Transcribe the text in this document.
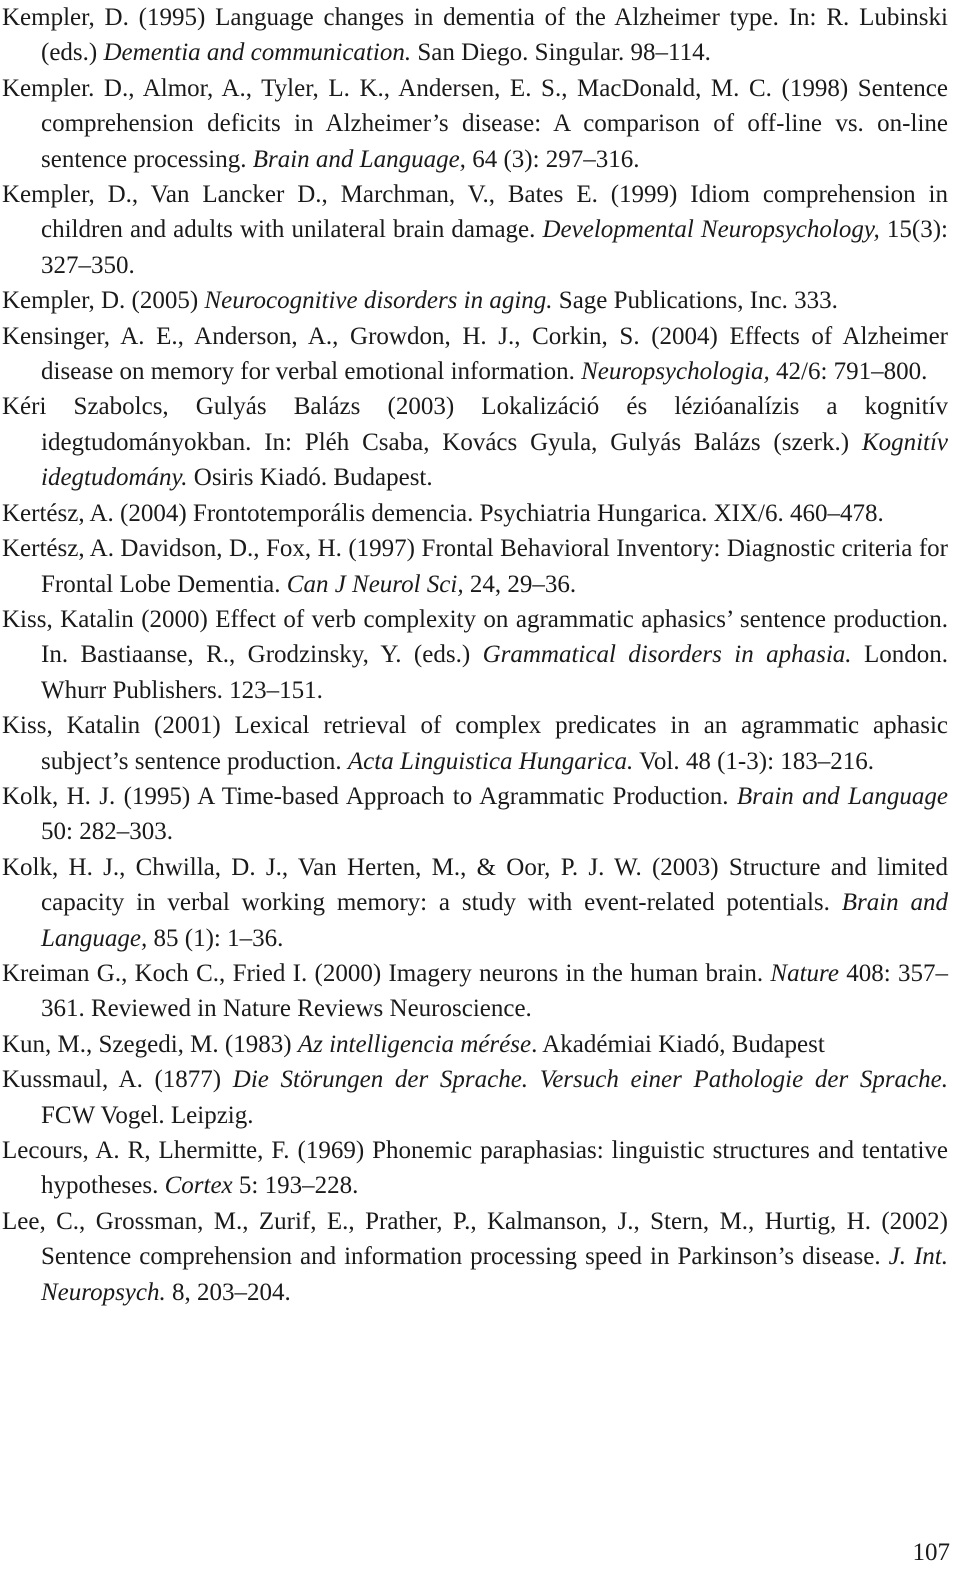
Kempler, D. (1995) Language changes in dementia of the Alzheimer type. In: R. Lubinski (eds.) Dementia and communication. San Diego. Singular. 98–114.

Kempler. D., Almor, A., Tyler, L. K., Andersen, E. S., MacDonald, M. C. (1998) Sentence comprehension deficits in Alzheimer’s disease: A comparison of off-line vs. on-line sentence processing. Brain and Language, 64 (3): 297–316.

Kempler, D., Van Lancker D., Marchman, V., Bates E. (1999) Idiom comprehension in children and adults with unilateral brain damage. Developmental Neuropsychology, 15(3): 327–350.

Kempler, D. (2005) Neurocognitive disorders in aging. Sage Publications, Inc. 333.

Kensinger, A. E., Anderson, A., Growdon, H. J., Corkin, S. (2004) Effects of Alzheimer disease on memory for verbal emotional information. Neuropsychologia, 42/6: 791–800.

Kéri Szabolcs, Gulyás Balázs (2003) Lokalizáció és lézióanalízis a kognitív idegtudományokban. In: Pléh Csaba, Kovács Gyula, Gulyás Balázs (szerk.) Kognitív idegtudomány. Osiris Kiadó. Budapest.

Kertész, A. (2004) Frontotemporális demencia. Psychiatria Hungarica. XIX/6. 460–478.

Kertész, A. Davidson, D., Fox, H. (1997) Frontal Behavioral Inventory: Diagnostic criteria for Frontal Lobe Dementia. Can J Neurol Sci, 24, 29–36.

Kiss, Katalin (2000) Effect of verb complexity on agrammatic aphasics’ sentence production. In. Bastiaanse, R., Grodzinsky, Y. (eds.) Grammatical disorders in aphasia. London. Whurr Publishers. 123–151.

Kiss, Katalin (2001) Lexical retrieval of complex predicates in an agrammatic aphasic subject’s sentence production. Acta Linguistica Hungarica. Vol. 48 (1-3): 183–216.

Kolk, H. J. (1995) A Time-based Approach to Agrammatic Production. Brain and Language 50: 282–303.

Kolk, H. J., Chwilla, D. J., Van Herten, M., & Oor, P. J. W. (2003) Structure and limited capacity in verbal working memory: a study with event-related potentials. Brain and Language, 85 (1): 1–36.

Kreiman G., Koch C., Fried I. (2000) Imagery neurons in the human brain. Nature 408: 357–361. Reviewed in Nature Reviews Neuroscience.

Kun, M., Szegedi, M. (1983) Az intelligencia mérése. Akadémiai Kiadó, Budapest

Kussmaul, A. (1877) Die Störungen der Sprache. Versuch einer Pathologie der Sprache. FCW Vogel. Leipzig.

Lecours, A. R, Lhermitte, F. (1969) Phonemic paraphasias: linguistic structures and tentative hypotheses. Cortex 5: 193–228.

Lee, C., Grossman, M., Zurif, E., Prather, P., Kalmanson, J., Stern, M., Hurtig, H. (2002) Sentence comprehension and information processing speed in Parkinson’s disease. J. Int. Neuropsych. 8, 203–204.

107
